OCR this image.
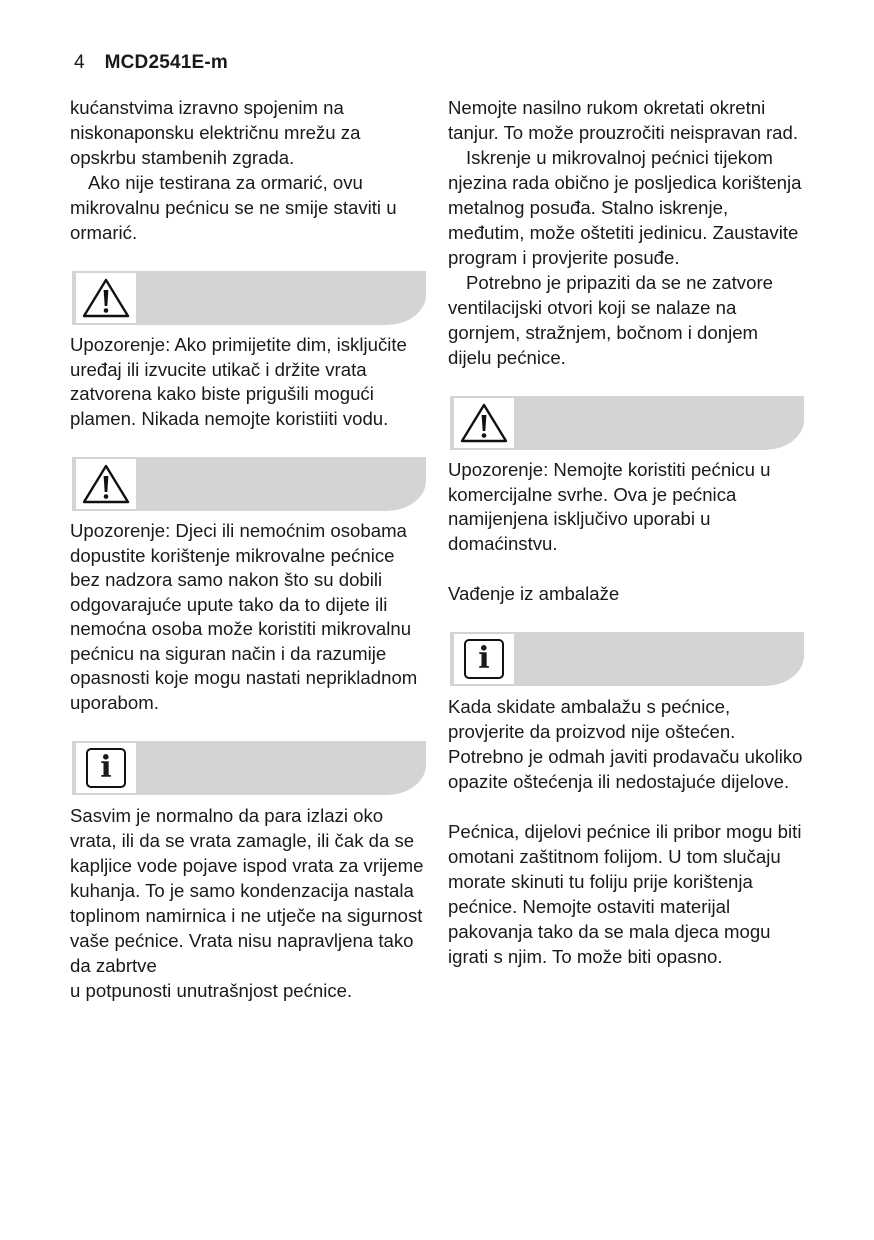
4 MCD2541E-m

kućanstvima izravno spojenim na niskonaponsku električnu mrežu za opskrbu stambenih zgrada.

Ako nije testirana za ormarić, ovu mikrovalnu pećnicu se ne smije staviti u ormarić.

Upozorenje: Ako primijetite dim, isključite uređaj ili izvucite utikač i držite vrata zatvorena kako biste prigušili mogući plamen. Nikada nemojte koristiiti vodu.

Upozorenje: Djeci ili nemoćnim osobama dopustite korištenje mikrovalne pećnice bez nadzora samo nakon što su dobili odgovarajuće upute tako da to dijete ili nemoćna osoba može koristiti mikrovalnu pećnicu na siguran način i da razumije opasnosti koje mogu nastati neprikladnom uporabom.

i

Sasvim je normalno da para izlazi oko vrata, ili da se vrata zamagle, ili čak da se kapljice vode pojave ispod vrata za vrijeme kuhanja. To je samo kondenzacija nastala toplinom namirnica i ne utječe na sigurnost vaše pećnice. Vrata nisu napravljena tako da zabrtve

u potpunosti unutrašnjost pećnice.

Nemojte nasilno rukom okretati okretni tanjur. To može prouzročiti neispravan rad.

Iskrenje u mikrovalnoj pećnici tijekom njezina rada obično je posljedica korištenja metalnog posuđa. Stalno iskrenje, međutim, može oštetiti jedinicu. Zaustavite program i provjerite posuđe.

Potrebno je pripaziti da se ne zatvore ventilacijski otvori koji se nalaze na gornjem, stražnjem, bočnom i donjem dijelu pećnice.

Upozorenje: Nemojte koristiti pećnicu u komercijalne svrhe. Ova je pećnica namijenjena isključivo uporabi u domaćinstvu.

Vađenje iz ambalaže

i

Kada skidate ambalažu s pećnice, provjerite da proizvod nije oštećen. Potrebno je odmah javiti prodavaču ukoliko opazite oštećenja ili nedostajuće dijelove.

Pećnica, dijelovi pećnice ili pribor mogu biti omotani zaštitnom folijom. U tom slučaju morate skinuti tu foliju prije korištenja pećnice. Nemojte ostaviti materijal pakovanja tako da se mala djeca mogu igrati s njim. To može biti opasno.
